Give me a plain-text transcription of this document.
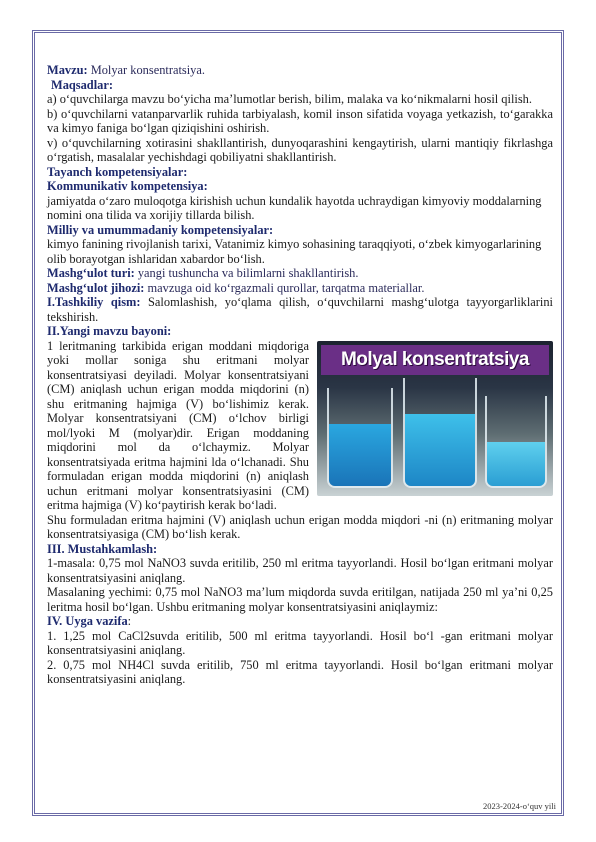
Mavzu: Molyar konsentratsiya.

Maqsadlar:

a) o‘quvchilarga mavzu bo‘yicha ma’lumotlar berish, bilim, malaka va ko‘nikmalarni hosil qilish.

b) o‘quvchilarni vatanparvarlik ruhida tarbiyalash, komil inson sifatida voyaga yetkazish, to‘garakka va kimyo faniga bo‘lgan qiziqishini oshirish.

v) o‘quvchilarning xotirasini shakllantirish, dunyoqarashini kengaytirish, ularni mantiqiy fikrlashga o‘rgatish, masalalar yechishdagi qobiliyatni shakllantirish.

Tayanch kompetensiyalar:

Kommunikativ kompetensiya:

jamiyatda o‘zaro muloqotga kirishish uchun kundalik hayotda uchraydigan kimyoviy moddalarning nomini ona tilida va xorijiy tillarda bilish.

Milliy va umummadaniy kompetensiyalar:

kimyo fanining rivojlanish tarixi, Vatanimiz kimyo sohasining taraqqiyoti, o‘zbek kimyogarlarining olib borayotgan ishlaridan xabardor bo‘lish.

Mashg‘ulot turi: yangi tushuncha va bilimlarni shakllantirish.

Mashg‘ulot jihozi: mavzuga oid ko‘rgazmali qurollar, tarqatma materiallar.

I.Tashkiliy qism: Salomlashish, yo‘qlama qilish, o‘quvchilarni mashg‘ulotga tayyorgarliklarini tekshirish.

II.Yangi mavzu bayoni:

Molyal konsentratsiya

1 leritmaning tarkibida erigan moddani miqdoriga yoki mollar soniga shu eritmani molyar konsentratsiyasi deyiladi. Molyar konsentratsiyani (CM) aniqlash uchun erigan modda miqdorini (n) shu eritmaning hajmiga (V) bo‘lishimiz kerak. Molyar konsentratsiyani (CM) o‘lchov birligi mol/lyoki M (molyar)dir. Erigan moddaning miqdorini mol da o‘lchaymiz. Molyar konsentratsiyada eritma hajmini lda o‘lchanadi. Shu formuladan erigan modda miqdorini (n) aniqlash uchun eritmani molyar konsentratsiyasini (CM) eritma hajmiga (V) ko‘paytirish kerak bo‘ladi.

Shu formuladan eritma hajmini (V) aniqlash uchun erigan modda miqdori -ni (n) eritmaning molyar konsentratsiyasiga (CM) bo‘lish kerak.

III. Mustahkamlash:

1-masala: 0,75 mol NaNO3 suvda eritilib, 250 ml eritma tayyorlandi. Hosil bo‘lgan eritmani molyar konsentratsiyasini aniqlang.

Masalaning yechimi: 0,75 mol NaNO3 ma’lum miqdorda suvda eritilgan, natijada 250 ml ya’ni 0,25 leritma hosil bo‘lgan. Ushbu eritmaning molyar konsentratsiyasini aniqlaymiz:

IV. Uyga vazifa:

1. 1,25 mol CaCl2suvda eritilib, 500 ml eritma tayyorlandi. Hosil bo‘l -gan eritmani molyar konsentratsiyasini aniqlang.

2. 0,75 mol NH4Cl suvda eritilib, 750 ml eritma tayyorlandi. Hosil bo‘lgan eritmani molyar konsentratsiyasini aniqlang.

2023-2024-o‘quv yili
